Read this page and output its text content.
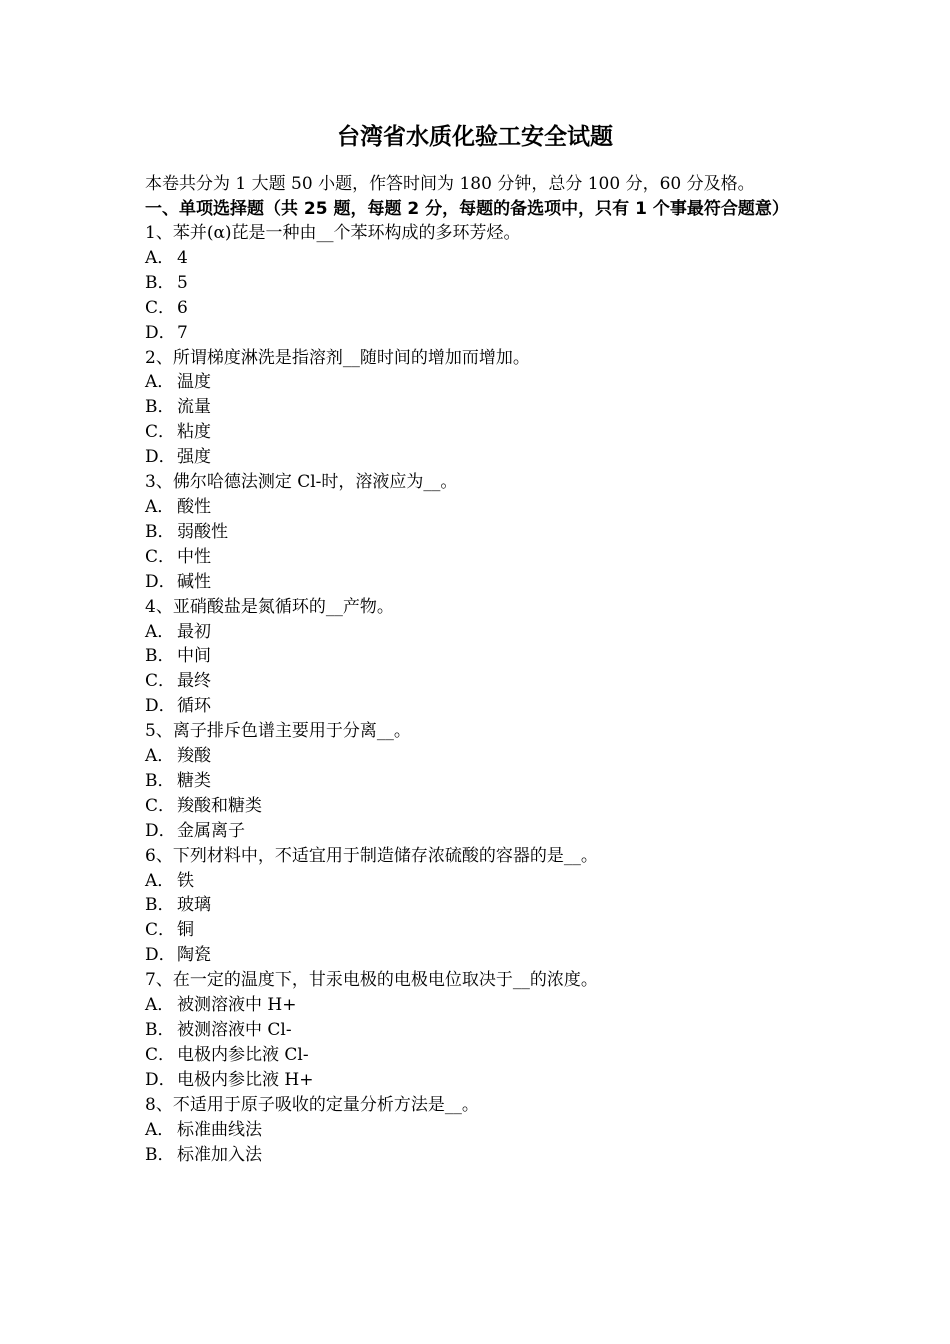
台湾省水质化验工安全试题

本卷共分为 1 大题 50 小题，作答时间为 180 分钟，总分 100 分，60 分及格。

一、单项选择题（共 25 题，每题 2 分，每题的备选项中，只有 1 个事最符合题意）

1、苯并(α)芘是一种由__个苯环构成的多环芳烃。

A． 4

B． 5

C． 6

D．7

2、所谓梯度淋洗是指溶剂__随时间的增加而增加。

A． 温度

B． 流量

C． 粘度

D．强度

3、佛尔哈德法测定 Cl-时，溶液应为__。

A． 酸性

B． 弱酸性

C． 中性

D．碱性

4、亚硝酸盐是氮循环的__产物。

A． 最初

B． 中间

C． 最终

D．循环

5、离子排斥色谱主要用于分离__。

A． 羧酸

B． 糖类

C． 羧酸和糖类

D．金属离子

6、下列材料中，不适宜用于制造储存浓硫酸的容器的是__。

A． 铁

B． 玻璃

C． 铜

D．陶瓷

7、在一定的温度下，甘汞电极的电极电位取决于__的浓度。

A． 被测溶液中 H+

B． 被测溶液中 Cl-

C． 电极内参比液 Cl-

D．电极内参比液 H+

8、不适用于原子吸收的定量分析方法是__。

A． 标准曲线法

B． 标准加入法
